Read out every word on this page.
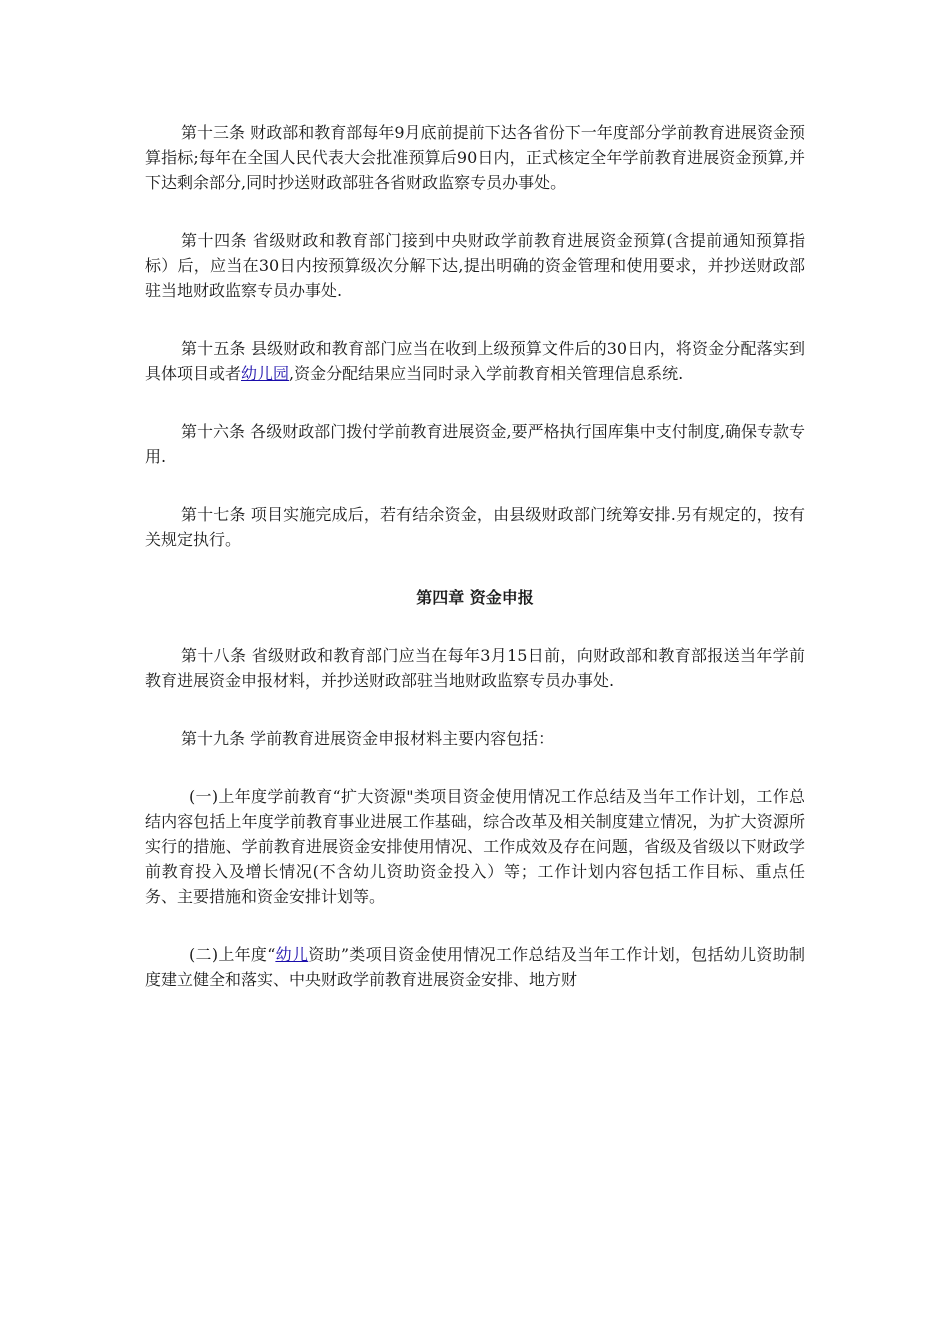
第十三条 财政部和教育部每年9月底前提前下达各省份下一年度部分学前教育进展资金预算指标;每年在全国人民代表大会批准预算后90日内，正式核定全年学前教育进展资金预算,并下达剩余部分,同时抄送财政部驻各省财政监察专员办事处。

第十四条 省级财政和教育部门接到中央财政学前教育进展资金预算(含提前通知预算指标）后，应当在30日内按预算级次分解下达,提出明确的资金管理和使用要求，并抄送财政部驻当地财政监察专员办事处.

第十五条 县级财政和教育部门应当在收到上级预算文件后的30日内，将资金分配落实到具体项目或者幼儿园,资金分配结果应当同时录入学前教育相关管理信息系统.

第十六条 各级财政部门拨付学前教育进展资金,要严格执行国库集中支付制度,确保专款专用.

第十七条 项目实施完成后，若有结余资金，由县级财政部门统筹安排.另有规定的，按有关规定执行。

第四章 资金申报

第十八条 省级财政和教育部门应当在每年3月15日前，向财政部和教育部报送当年学前教育进展资金申报材料，并抄送财政部驻当地财政监察专员办事处.

第十九条 学前教育进展资金申报材料主要内容包括：

(一)上年度学前教育“扩大资源"类项目资金使用情况工作总结及当年工作计划，工作总结内容包括上年度学前教育事业进展工作基础，综合改革及相关制度建立情况，为扩大资源所实行的措施、学前教育进展资金安排使用情况、工作成效及存在问题，省级及省级以下财政学前教育投入及增长情况(不含幼儿资助资金投入）等；工作计划内容包括工作目标、重点任务、主要措施和资金安排计划等。

(二)上年度“幼儿资助”类项目资金使用情况工作总结及当年工作计划，包括幼儿资助制度建立健全和落实、中央财政学前教育进展资金安排、地方财
